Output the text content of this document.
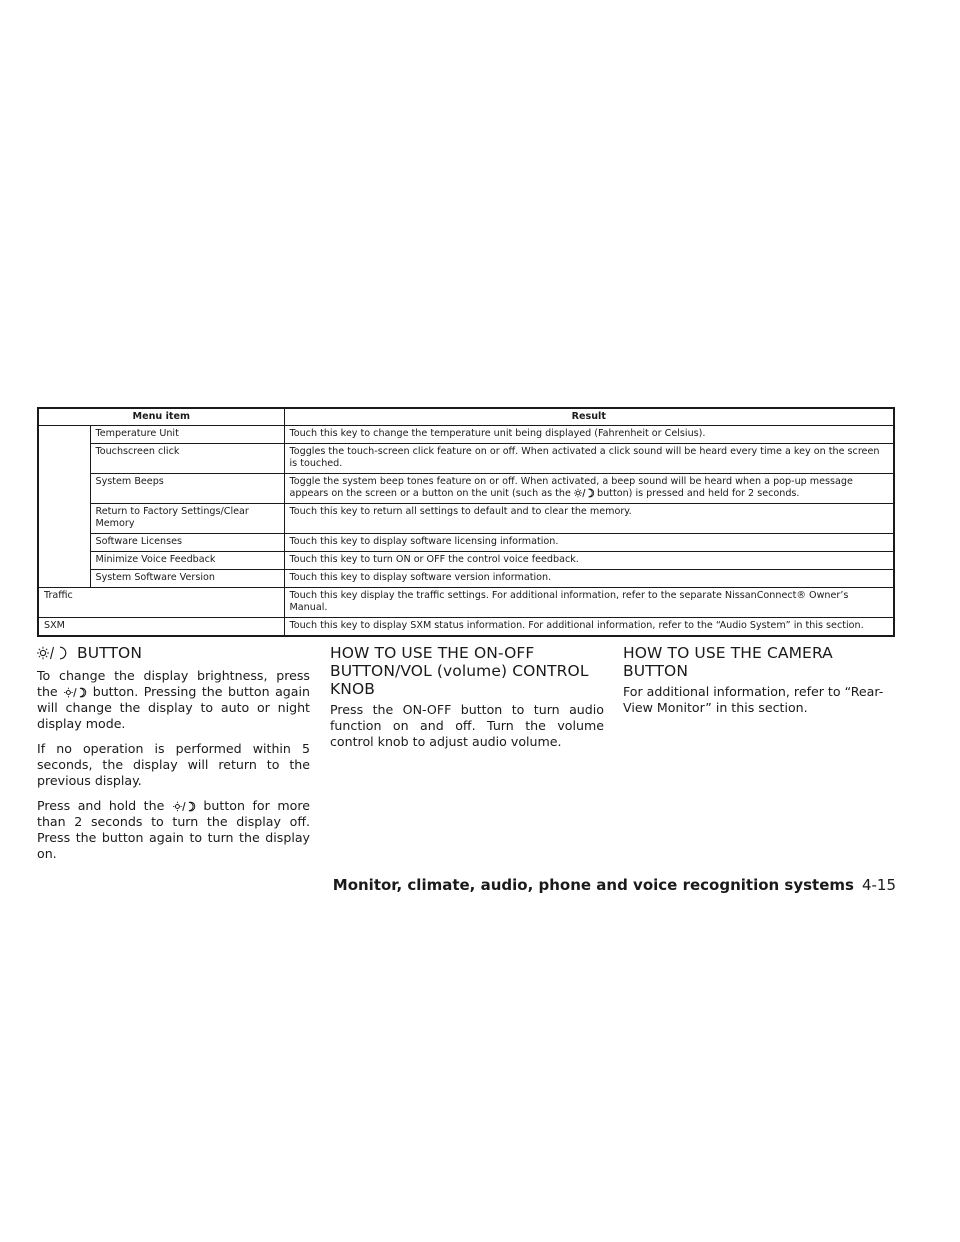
Menu item		Result
	Temperature Unit	Touch this key to change the temperature unit being displayed (Fahrenheit or Celsius).
	Touchscreen click	Toggles the touch-screen click feature on or off. When activated a click sound will be heard every time a key on the screen is touched.
	System Beeps	Toggle the system beep tones feature on or off. When activated, a beep sound will be heard when a pop-up message appears on the screen or a button on the unit (such as the button) is pressed and held for 2 seconds.
	Return to Factory Settings/Clear Memory	Touch this key to return all settings to default and to clear the memory.
	Software Licenses	Touch this key to display software licensing information.
	Minimize Voice Feedback	Touch this key to turn ON or OFF the control voice feedback.
	System Software Version	Touch this key to display software version information.
Traffic		Touch this key display the traffic settings. For additional information, refer to the separate NissanConnect® Owner’s Manual.
SXM		Touch this key to display SXM status information. For additional information, refer to the “Audio System” in this section.
BUTTON

To change the display brightness, press the	button. Pressing the button again will change the display to auto or night display mode.

If no operation is performed within 5 seconds, the display will return to the previous display.

Press and hold the	button for more than 2 seconds to turn the display off. Press the button again to turn the display on.

HOW TO USE THE ON-OFF BUTTON/VOL (volume) CONTROL KNOB

Press the ON-OFF button to turn audio function on and off. Turn the volume control knob to adjust audio volume.

HOW TO USE THE CAMERA BUTTON

For additional information, refer to “Rear-View Monitor” in this section.

Monitor, climate, audio, phone and voice recognition systems 4-15
